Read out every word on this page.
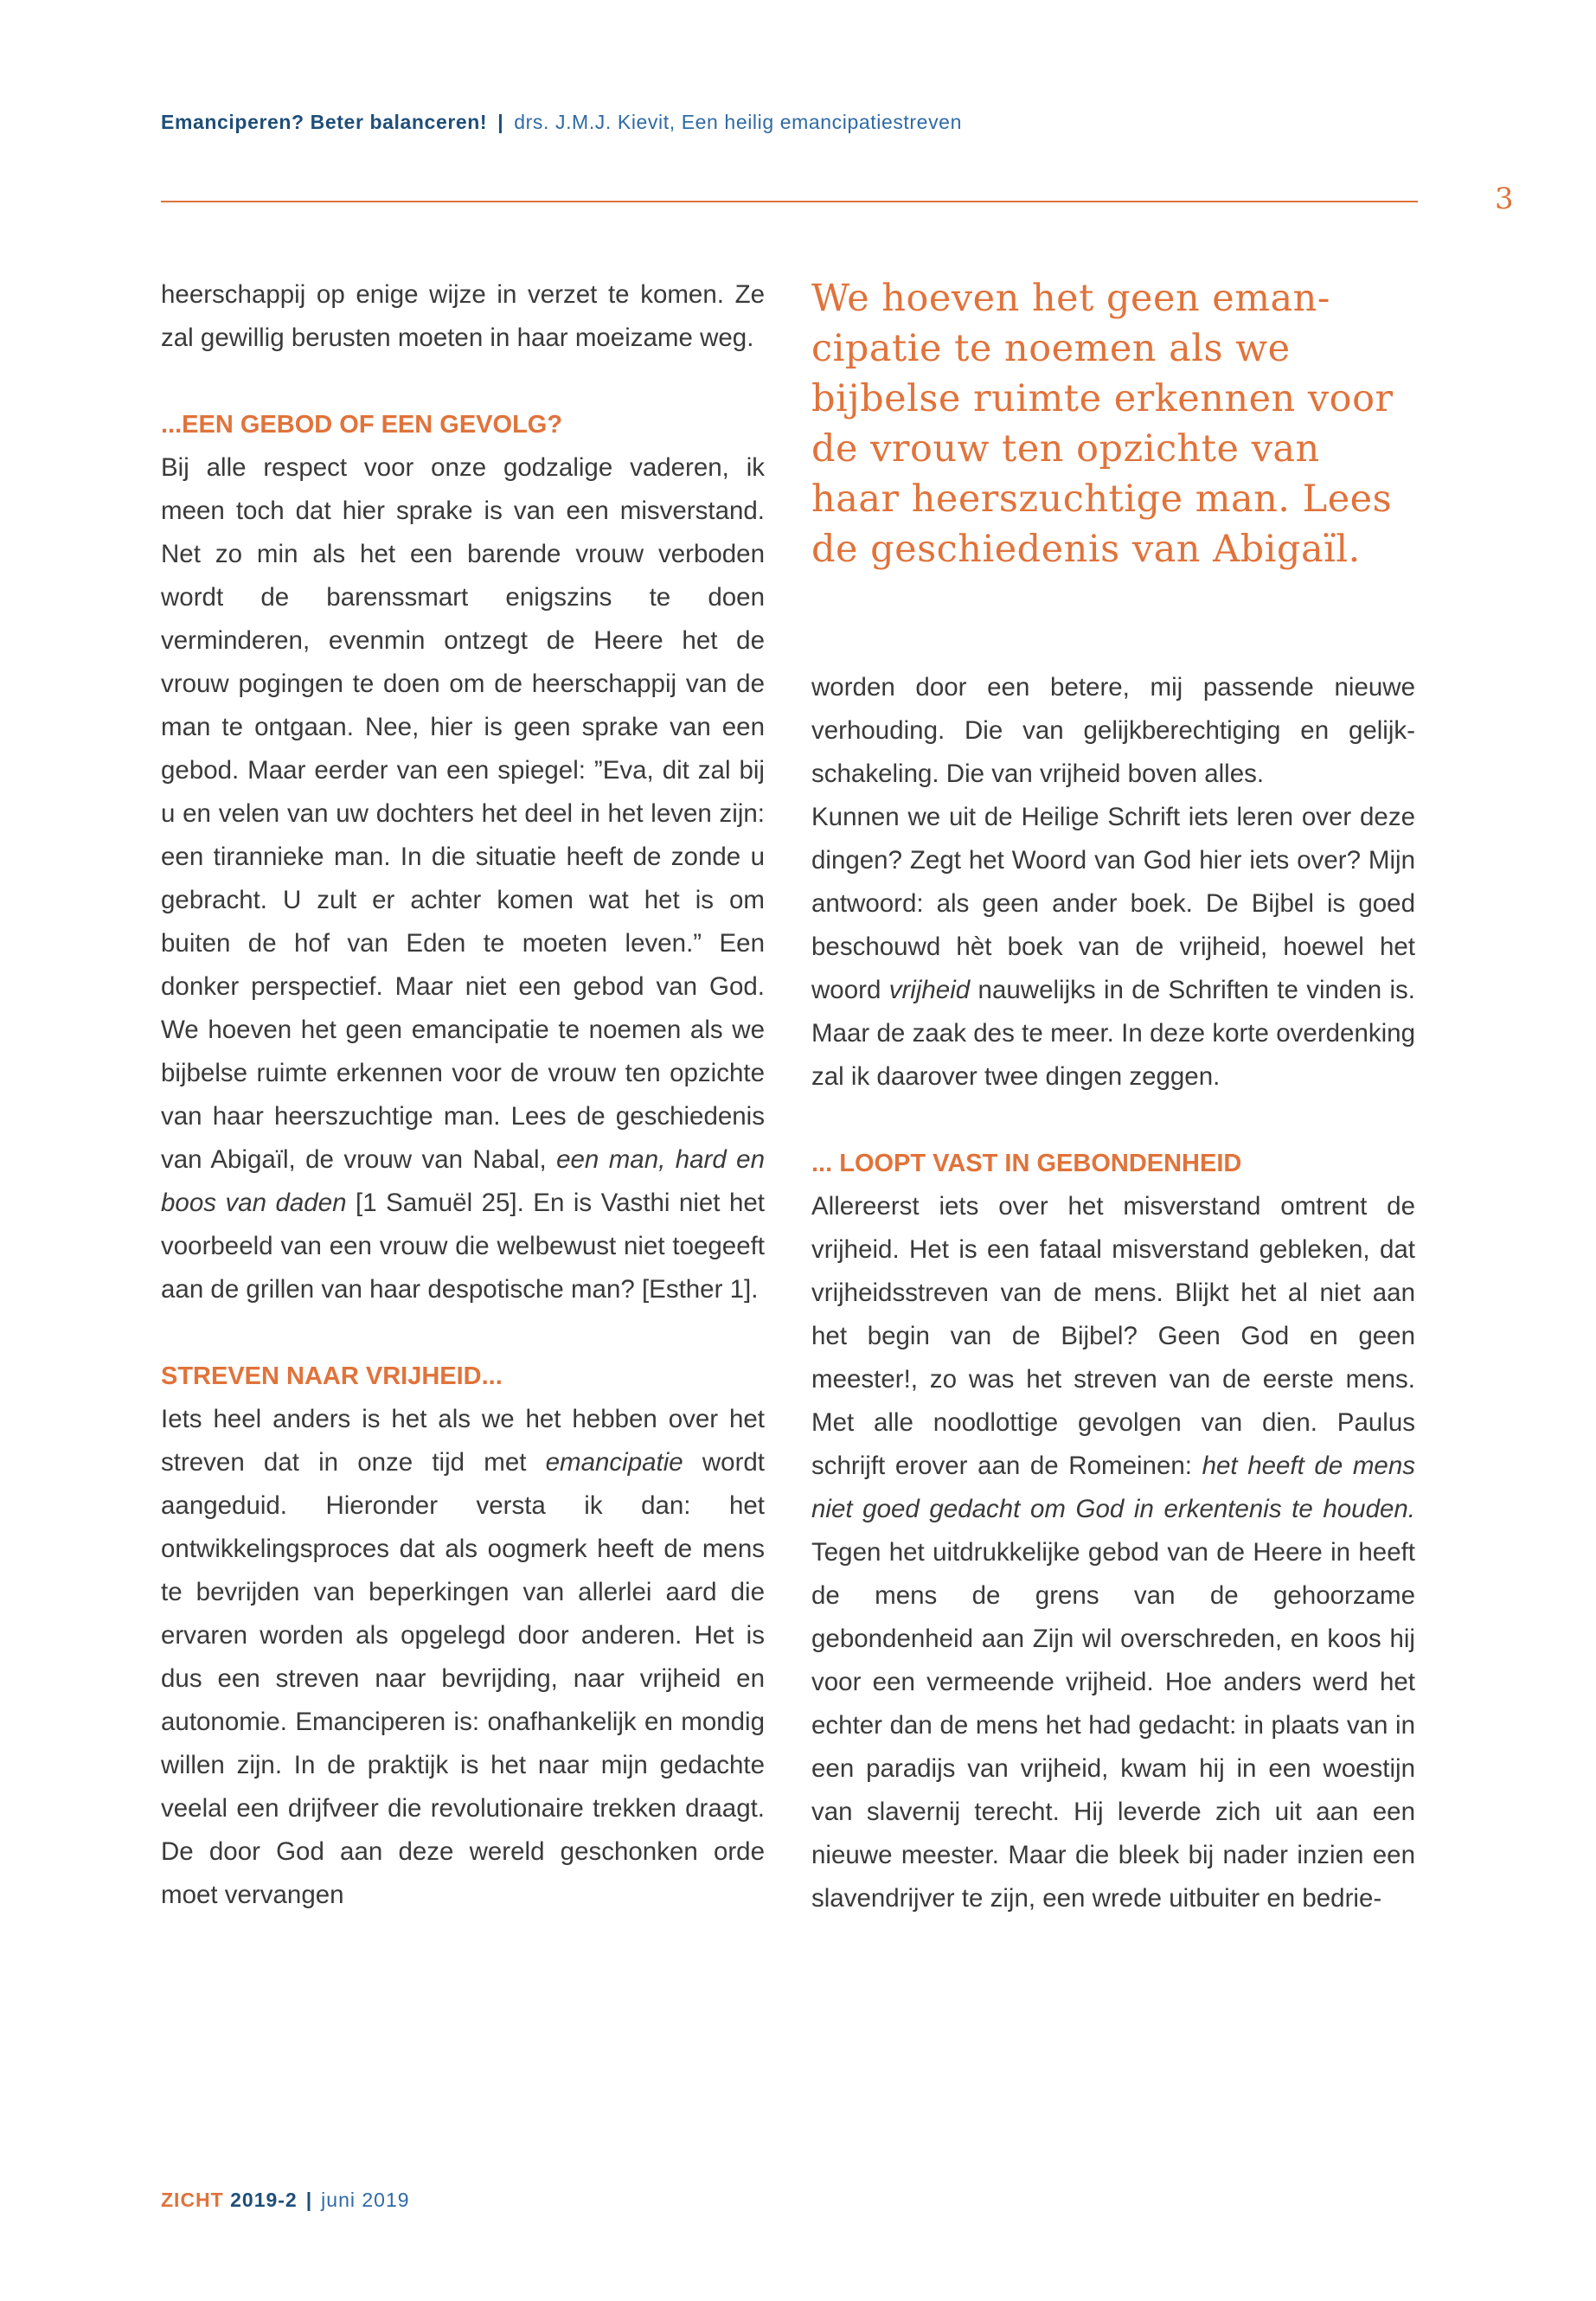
Emanciperen? Beter balanceren! | drs. J.M.J. Kievit, Een heilig emancipatiestreven
3

heerschappij op enige wijze in verzet te komen. Ze zal gewillig berusten moeten in haar moeizame weg.

...EEN GEBOD OF EEN GEVOLG?

Bij alle respect voor onze godzalige vaderen, ik meen toch dat hier sprake is van een misverstand. Net zo min als het een barende vrouw verboden wordt de barenssmart enigszins te doen verminderen, evenmin ontzegt de Heere het de vrouw pogingen te doen om de heerschappij van de man te ontgaan. Nee, hier is geen sprake van een gebod. Maar eerder van een spiegel: ”Eva, dit zal bij u en velen van uw dochters het deel in het leven zijn: een tirannieke man. In die situatie heeft de zonde u gebracht. U zult er achter komen wat het is om buiten de hof van Eden te moeten leven.” Een donker perspectief. Maar niet een gebod van God. We hoeven het geen emancipatie te noemen als we bijbelse ruimte erkennen voor de vrouw ten opzichte van haar heerszuchtige man. Lees de geschiedenis van Abigaïl, de vrouw van Nabal, een man, hard en boos van daden [1 Samuël 25]. En is Vasthi niet het voorbeeld van een vrouw die welbewust niet toegeeft aan de grillen van haar despotische man? [Esther 1].

STREVEN NAAR VRIJHEID...

Iets heel anders is het als we het hebben over het streven dat in onze tijd met emancipatie wordt aangeduid. Hieronder versta ik dan: het ontwikkelingsproces dat als oogmerk heeft de mens te bevrijden van beperkingen van allerlei aard die ervaren worden als opgelegd door anderen. Het is dus een streven naar bevrijding, naar vrijheid en autonomie. Emanciperen is: onafhankelijk en mondig willen zijn. In de praktijk is het naar mijn gedachte veelal een drijfveer die revolutionaire trekken draagt. De door God aan deze wereld geschonken orde moet vervangen

We hoeven het geen emancipatie te noemen als we bijbelse ruimte erkennen voor de vrouw ten opzichte van haar heerszuchtige man. Lees de geschiedenis van Abigaïl.

worden door een betere, mij passende nieuwe verhouding. Die van gelijkberechtiging en gelijkschakeling. Die van vrijheid boven alles.

Kunnen we uit de Heilige Schrift iets leren over deze dingen? Zegt het Woord van God hier iets over? Mijn antwoord: als geen ander boek. De Bijbel is goed beschouwd hèt boek van de vrijheid, hoewel het woord vrijheid nauwelijks in de Schriften te vinden is. Maar de zaak des te meer. In deze korte overdenking zal ik daarover twee dingen zeggen.

... LOOPT VAST IN GEBONDENHEID

Allereerst iets over het misverstand omtrent de vrijheid. Het is een fataal misverstand gebleken, dat vrijheidsstreven van de mens. Blijkt het al niet aan het begin van de Bijbel? Geen God en geen meester!, zo was het streven van de eerste mens. Met alle noodlottige gevolgen van dien. Paulus schrijft erover aan de Romeinen: het heeft de mens niet goed gedacht om God in erkentenis te houden. Tegen het uitdrukkelijke gebod van de Heere in heeft de mens de grens van de gehoorzame gebondenheid aan Zijn wil overschreden, en koos hij voor een vermeende vrijheid. Hoe anders werd het echter dan de mens het had gedacht: in plaats van in een paradijs van vrijheid, kwam hij in een woestijn van slavernij terecht. Hij leverde zich uit aan een nieuwe meester. Maar die bleek bij nader inzien een slavendrijver te zijn, een wrede uitbuiter en bedrie-

ZICHT 2019-2 | juni 2019
